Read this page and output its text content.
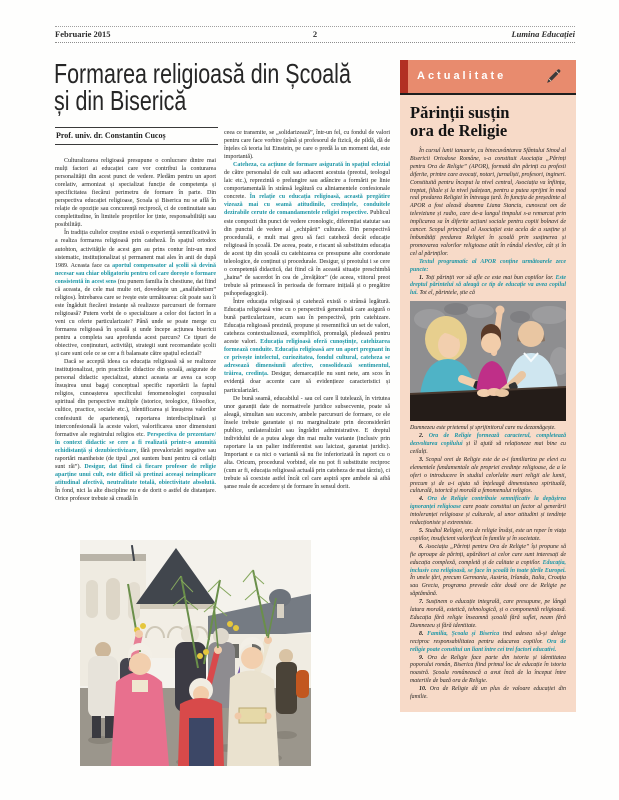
Februarie 2015	2	Lumina Educației
Formarea religioasă din Școală
și din Biserică
Prof. univ. dr. Constantin Cucoș

Culturalizarea religioasă presupune o conlucrare dintre mai mulți factori ai educației care vor contribui la conturarea personalității din acest punct de vedere. Pledăm pentru un aport corelativ, armonizat și specializat funcție de competența și specificitatea fiecărui perimetru de formare în parte. Din perspectiva educației religioase, Școala și Biserica nu se află în relație de opoziție sau concurență reciprocă, ci de continuitate sau completitudine, în limitele propriilor lor ținte, responsabilități sau posibilități.

În tradiția cultelor creștine există o experiență semnificativă în a realiza formarea religioasă prin cateheză. În spațiul ortodox autohton, activitățile de acest gen au prins contur într-un mod sistematic, instituționalizat și permanent mai ales în anii de după 1989. Aceasta face ca aportul compensator al școlii să devină necesar sau chiar obligatoriu pentru cel care dorește o formare consistentă în acest sens (nu punem familia în chestiune, dat fiind că aceasta, de cele mai multe ori, dovedește un „analfabetism” religios). Întrebarea care se ivește este următoarea: cât poate sau îi este îngăduit fiecărei instanțe să realizeze parcursuri de formare religioasă? Putem vorbi de o specializare a celor doi factori în a veni cu oferte particularizate? Până unde se poate merge cu formarea religioasă în școală și unde începe acțiunea bisericii pentru a completa sau aprofunda acest parcurs? Ce tipuri de obiective, conținuturi, activități, strategii sunt recomandate școlii și care sunt cele ce se cer a fi balansate către spațiul eclezial?

Dacă se acceptă ideea ca educația religioasă să se realizeze instituționalizat, prin practicile didactice din școală, asigurate de personal didactic specializat, atunci aceasta ar avea ca scop însușirea unui bagaj conceptual specific raportării la faptul religios, cunoașterea specificului fenomenologiei corpusului spiritual din perspective multiple (istorice, teologice, filosofice, cultice, practice, sociale etc.), identificarea și însușirea valorilor confesiunii de apartenență, raportarea interdisciplinară și interconfesională la aceste valori, valorificarea unor dimensiuni formative ale registrului religios etc. Perspectiva de prezentare/în context didactic se cere a fi realizată printr-o anumită echidistanță și dezubiectivizare, fără prevalorizări negative sau raportări maniheiste (de tipul „noi suntem buni pentru că ceilalți sunt răi”). Desigur, dat fiind că fiecare profesor de religie aparține unui cult, este dificil să pretinzi aceeași neimplicare atitudinal afectivă, neutralitate totală, obiectivitate absolută. În fond, nici la alte discipline nu e de dorit o astfel de distanțare. Orice profesor trebuie să creadă în

ceea ce transmite, se „solidarizează”, într-un fel, cu fondul de valori pentru care face vorbire (până și profesorul de fizică, de pildă, dă de înțeles că teoria lui Einstein, pe care o predă la un moment dat, este importantă).

Cateheza, ca acțiune de formare asigurată în spațiul eclezial de către personalul de cult sau adiacent acestuia (preotul, teologul laic etc.), reprezintă o prelungire sau adâncire a formării pe linie comportamentală în strânsă legătură cu aliniamentele confesionale concrete. În relație cu educația religioasă, această pregătire vizează mai cu seamă atitudinile, credințele, conduitele dezirabile cerute de comandamentele religiei respective. Publicul este compozit din punct de vedere cronologic, diferențiat statutar sau din punctul de vedere al „echipării” culturale. Din perspectivă procedurală, e mult mai greu să faci cateheză decât educație religioasă în școală. De aceea, poate, e riscant să substituim educația de acest tip din școală cu catehizarea ce presupune alte coordonate teleologice, de conținut și procedurale. Desigur, și preotului i se cere o competență didactică, dat fiind că în această situație preschimbă „haina” de sacerdot în cea de „învățător” (de aceea, viitorul preot trebuie să primească în perioada de formare inițială și o pregătire psihopedagogică).

Între educația religioasă și cateheză există o strânsă legătură. Educația religioasă vine cu o perspectivă generalistă care asigură o bună particularizare, acum sau în perspectivă, prin catehizare. Educația religioasă prezintă, propune și resemnifică un set de valori, cateheza contextualizează, exemplifică, promulgă, pledează pentru aceste valori. Educația religioasă oferă cunoștințe, catehizarea formează conduite. Educația religioasă are un aport pregnant în ce privește intelectul, curiozitatea, fondul cultural, cateheza se adresează dimensiunii afective, consolidează sentimentul, trăirea, credința. Desigur, demarcațiile nu sunt nete, am scos în evidență doar accente care să evidențieze caracteristici și particularizări.

De bună seamă, educabilul - sau cel care îl tutelează, în virtutea unor garanții date de normativele juridice subsecvente, poate să aleagă, simultan sau succesiv, ambele parcursuri de formare, ce ele însele trebuie garantate și nu marginalizate prin deconsiderări publice, unilateralizări sau îngrădiri administrative. E dreptul individului de a putea alege din mai multe variante (inclusiv prin raportare la un palier indiferentist sau laicizat, garantat juridic). Important e ca nici o variantă să nu fie inferiorizată în raport cu o alta. Oricum, procedural vorbind, ele nu pot fi substituite reciproc (cum ar fi, educația religioasă actuală prin cateheza de mai târziu), ci trebuie să coexiste astfel încât cel care aspiră spre ambele să aibă șanse reale de accedere și de formare în sensul dorit.

Actualitate
Părinții susțin
ora de Religie

În cursul lunii ianuarie, cu binecuvântarea Sfântului Sinod al Bisericii Ortodoxe Române, s-a constituit Asociația „Părinți pentru Ora de Religie” (APOR), formată din părinți cu profesii diferite, printre care avocați, notari, jurnaliști, profesori, ingineri. Constituită pentru început la nivel central, Asociația va înființa, treptat, filiale și la nivel județean, pentru a putea sprijini în mod real predarea Religiei în întreaga țară. În funcția de președinte al APOR a fost aleasă doamna Liana Stanciu, cunoscut om de televiziune și radio, care de-a lungul timpului s-a remarcat prin implicarea sa în diferite acțiuni sociale pentru copiii bolnavi de cancer. Scopul principal al Asociației este acela de a susține și îmbunătăți predarea Religiei în școală prin susținerea și promovarea valorilor religioase atât în rândul elevilor, cât și în cel al părinților.

Textul programatic al APOR conține următoarele zece puncte:

1. Toți părinții vor să afle ce este mai bun copiilor lor. Este dreptul părintelui să aleagă ce tip de educație va avea copilul lui. Tot el, părintele, știe că

Dumnezeu este prietenul și sprijinitorul care nu dezamăgește.

2. Ora de Religie formează caracterul, completează dezvoltarea copilului și îl ajută să relaționeze mai bine cu ceilalți.

3. Scopul orei de Religie este de a-i familiariza pe elevi cu elementele fundamentale ale propriei credințe religioase, de a le oferi o introducere în studiul celorlalte mari religii ale lumii, precum și de a-i ajuta să înțeleagă dimensiunea spirituală, culturală, istorică și morală a fenomenului religios.

4. Ora de Religie contribuie semnificativ la depășirea ignoranței religioase care poate constitui un factor al generării intoleranței religioase și culturale, al unor atitudini și tendințe reducționiste și extremiste.

5. Studiul Religiei, ora de religie însăși, este un reper în viața copiilor, insuficient valorificat în familie și în societate.

6. Asociația „Părinți pentru Ora de Religie” își propune să fie aproape de părinți, apărători ai celor care sunt interesați de educația complexă, completă și de calitate a copiilor. Educația, inclusiv cea religioasă, se face în școală în toate țările Europei. În unele țări, precum Germania, Austria, Irlanda, Italia, Croația sau Grecia, programa prevede câte două ore de Religie pe săptămână.

7. Susținem o educație integrală, care presupune, pe lângă latura morală, estetică, tehnologică, și o componentă religioasă. Educația fără religie înseamnă școală fără suflet, neam fără Dumnezeu și fără identitate.

8. Familia, Școala și Biserica tind adesea să-și delege reciproc responsabilitatea pentru educarea copiilor. Ora de religie poate constitui un liant între cei trei factori educativi.

9. Ora de Religie face parte din istoria și identitatea poporului român, Biserica fiind primul loc de educație în istoria noastră. Școala românească a avut încă de la început între materiile de bază ora de Religie.

10. Ora de Religie dă un plus de valoare educației din familie.
